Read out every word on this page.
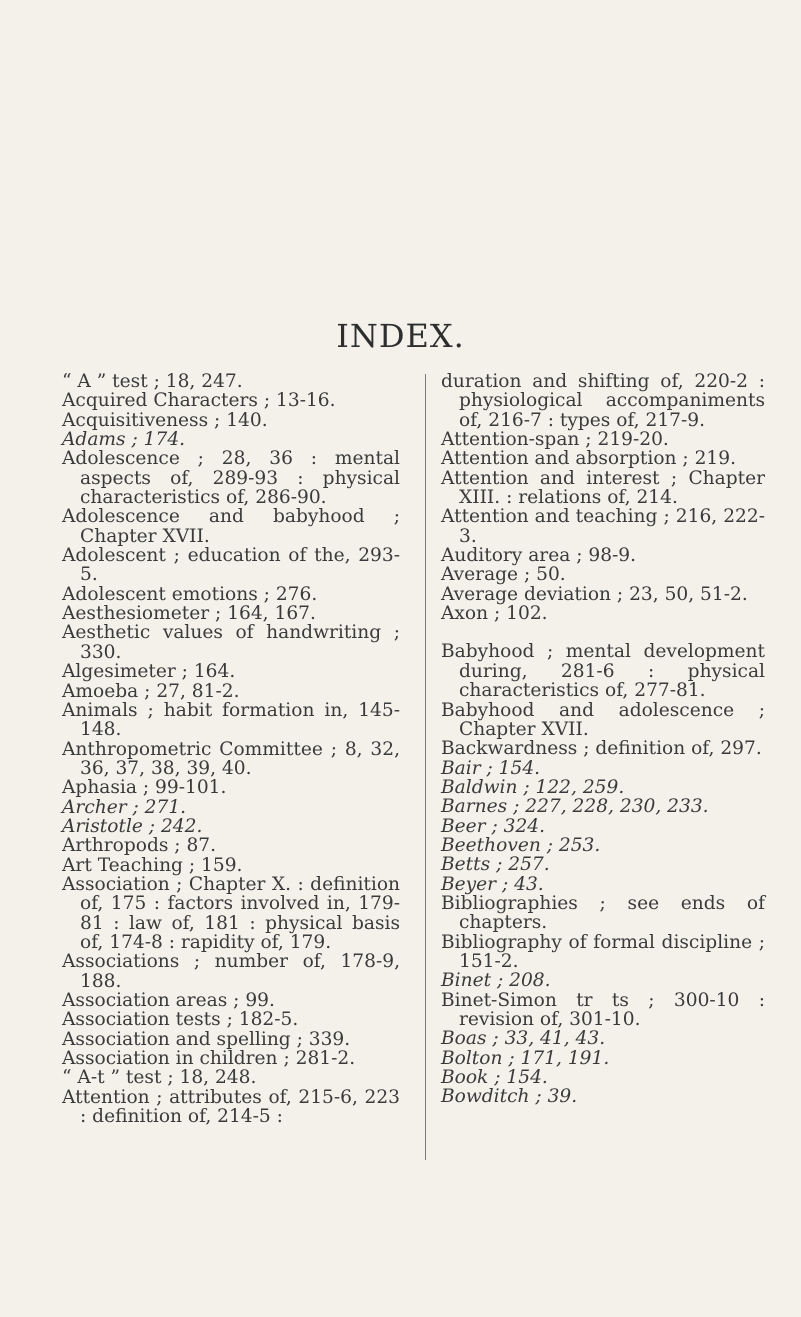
INDEX.
“ A ” test ; 18, 247.
Acquired Characters ; 13-16.
Acquisitiveness ; 140.
Adams ; 174.
Adolescence ; 28, 36 : mental aspects of, 289-93 : physical characteristics of, 286-90.
Adolescence and babyhood ; Chapter XVII.
Adolescent ; education of the, 293-5.
Adolescent emotions ; 276.
Aesthesiometer ; 164, 167.
Aesthetic values of handwriting ; 330.
Algesimeter ; 164.
Amoeba ; 27, 81-2.
Animals ; habit formation in, 145-148.
Anthropometric Committee ; 8, 32, 36, 37, 38, 39, 40.
Aphasia ; 99-101.
Archer ; 271.
Aristotle ; 242.
Arthropods ; 87.
Art Teaching ; 159.
Association ; Chapter X. : definition of, 175 : factors involved in, 179-81 : law of, 181 : physical basis of, 174-8 : rapidity of, 179.
Associations ; number of, 178-9, 188.
Association areas ; 99.
Association tests ; 182-5.
Association and spelling ; 339.
Association in children ; 281-2.
“ A-t ” test ; 18, 248.
Attention ; attributes of, 215-6, 223 : definition of, 214-5 :
duration and shifting of, 220-2 : physiological accompaniments of, 216-7 : types of, 217-9.
Attention-span ; 219-20.
Attention and absorption ; 219.
Attention and interest ; Chapter XIII. : relations of, 214.
Attention and teaching ; 216, 222-3.
Auditory area ; 98-9.
Average ; 50.
Average deviation ; 23, 50, 51-2.
Axon ; 102.
Babyhood ; mental development during, 281-6 : physical characteristics of, 277-81.
Babyhood and adolescence ; Chapter XVII.
Backwardness ; definition of, 297.
Bair ; 154.
Baldwin ; 122, 259.
Barnes ; 227, 228, 230, 233.
Beer ; 324.
Beethoven ; 253.
Betts ; 257.
Beyer ; 43.
Bibliographies ; see ends of chapters.
Bibliography of formal discipline ; 151-2.
Binet ; 208.
Binet-Simon t⁠r ⁠ts ; 300-10 : revision of, 301-10.
Boas ; 33, 41, 43.
Bolton ; 171, 191.
Book ; 154.
Bowditch ; 39.
